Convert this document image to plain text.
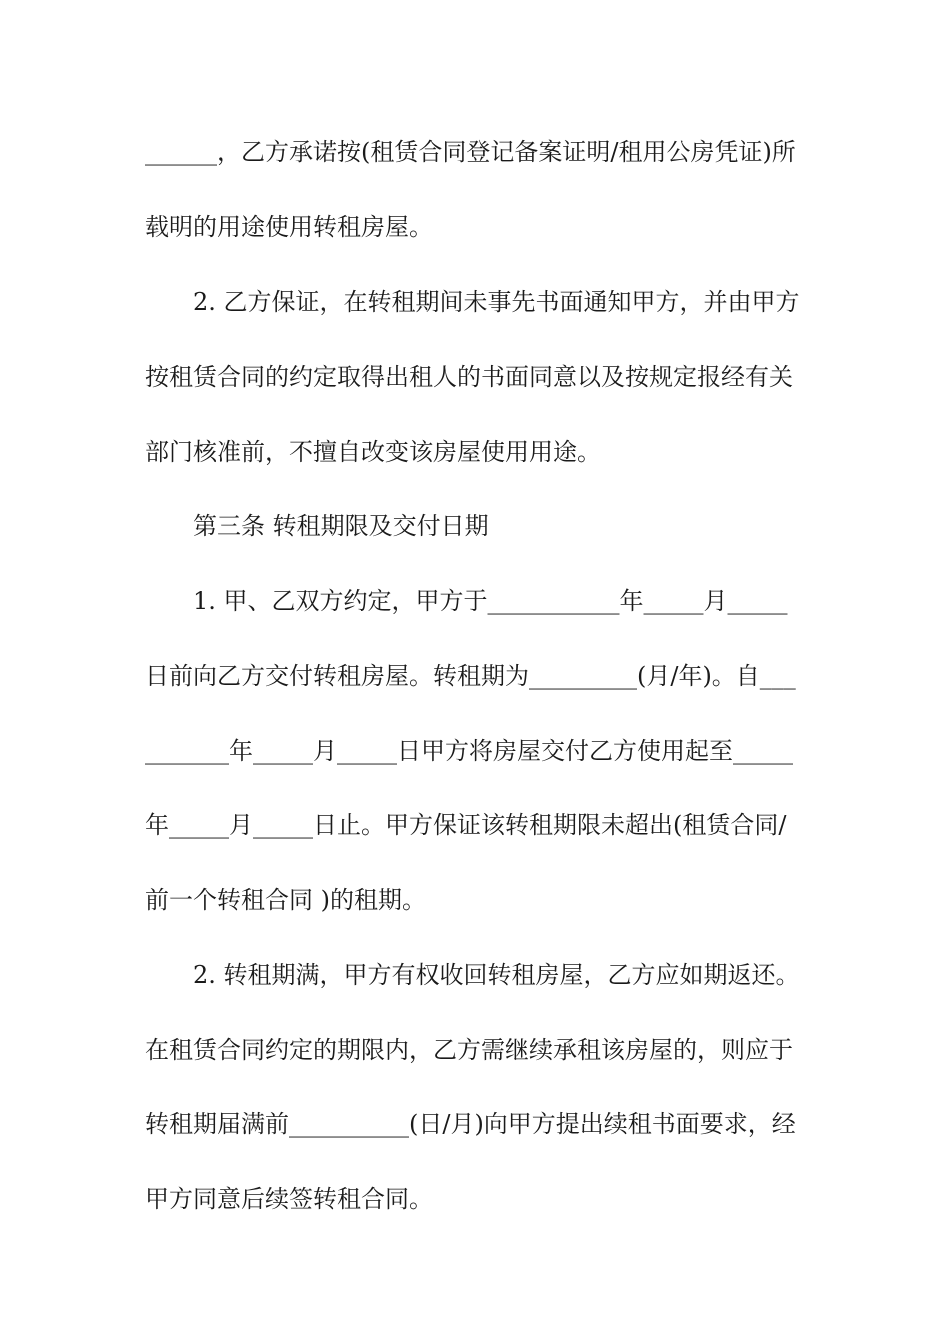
______，乙方承诺按(租赁合同登记备案证明/租用公房凭证)所

载明的用途使用转租房屋。

2. 乙方保证，在转租期间未事先书面通知甲方，并由甲方

按租赁合同的约定取得出租人的书面同意以及按规定报经有关

部门核准前，不擅自改变该房屋使用用途。

第三条 转租期限及交付日期

1. 甲、乙双方约定，甲方于___________年_____月_____

日前向乙方交付转租房屋。转租期为_________(月/年)。自___

_______年_____月_____日甲方将房屋交付乙方使用起至_____

年_____月_____日止。甲方保证该转租期限未超出(租赁合同/

前一个转租合同 )的租期。

2. 转租期满，甲方有权收回转租房屋，乙方应如期返还。

在租赁合同约定的期限内，乙方需继续承租该房屋的，则应于

转租期届满前__________(日/月)向甲方提出续租书面要求，经

甲方同意后续签转租合同。
